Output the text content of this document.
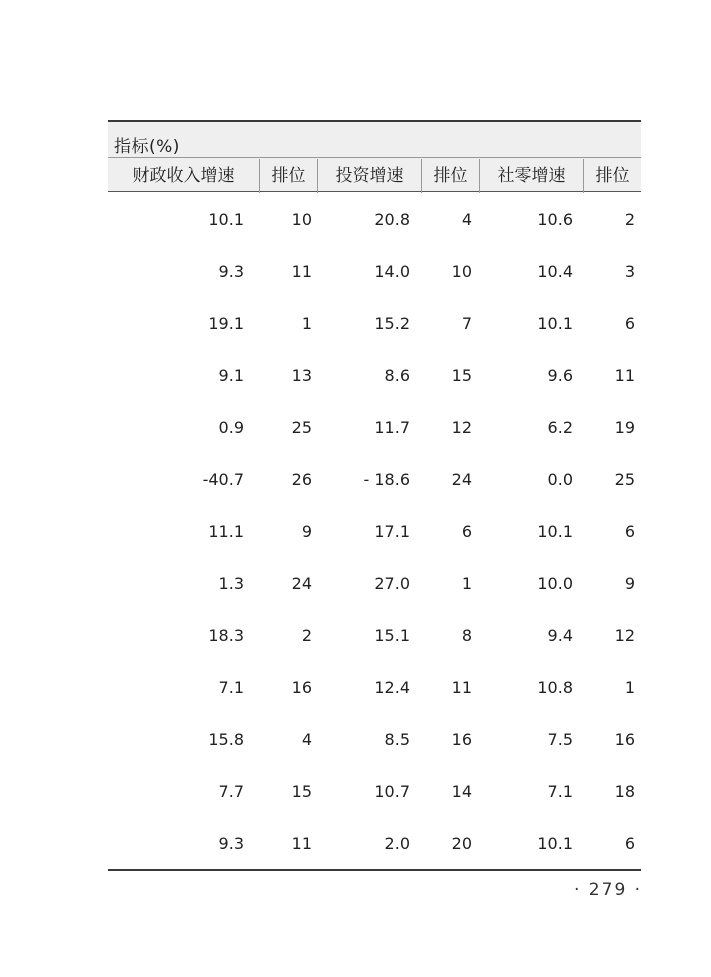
指标(%)
财政收入增速	排位	投资增速	排位	社零增速	排位
10.1	10	20.8	4	10.6	2
9.3	11	14.0	10	10.4	3
19.1	1	15.2	7	10.1	6
9.1	13	8.6	15	9.6	11
0.9	25	11.7	12	6.2	19
-40.7	26	- 18.6	24	0.0	25
11.1	9	17.1	6	10.1	6
1.3	24	27.0	1	10.0	9
18.3	2	15.1	8	9.4	12
7.1	16	12.4	11	10.8	1
15.8	4	8.5	16	7.5	16
7.7	15	10.7	14	7.1	18
9.3	11	2.0	20	10.1	6
· 279 ·
